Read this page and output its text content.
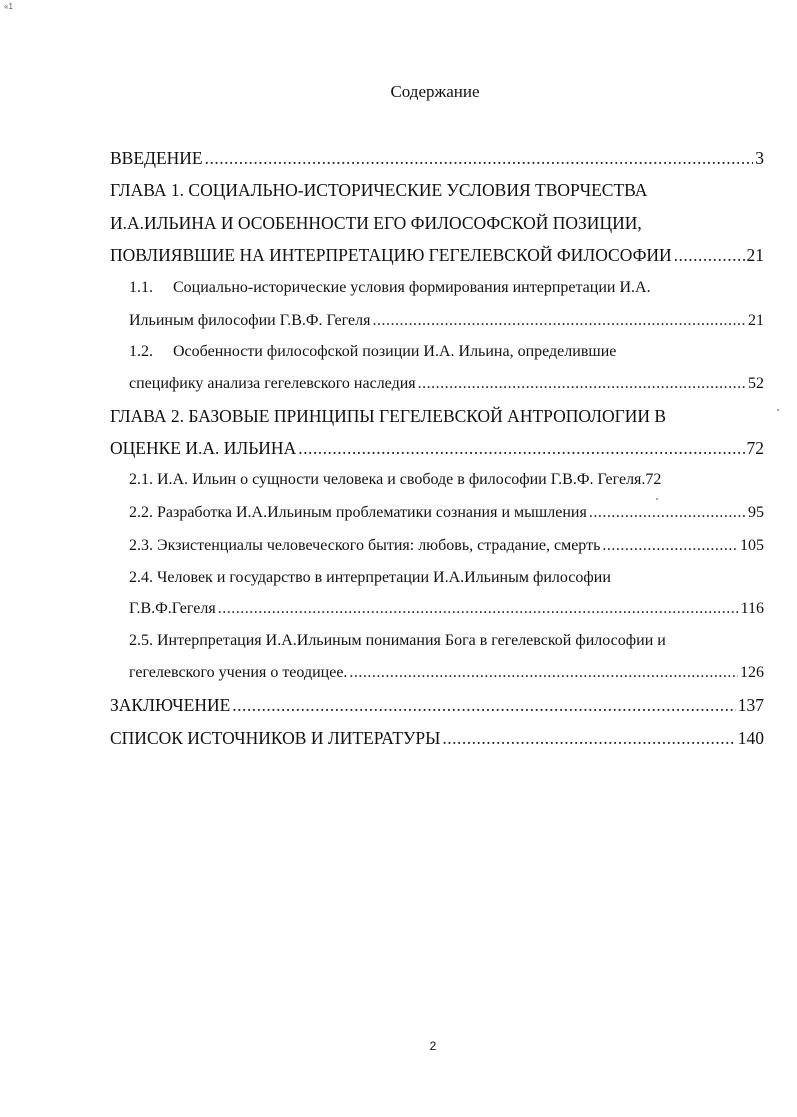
«1
Содержание
ВВЕДЕНИЕ .....	3
ГЛАВА 1. СОЦИАЛЬНО-ИСТОРИЧЕСКИЕ УСЛОВИЯ ТВОРЧЕСТВА
И.А.ИЛЬИНА И ОСОБЕННОСТИ ЕГО ФИЛОСОФСКОЙ ПОЗИЦИИ,
ПОВЛИЯВШИЕ НА ИНТЕРПРЕТАЦИЮ ГЕГЕЛЕВСКОЙ ФИЛОСОФИИ .....	21
1.1.	Социально-исторические условия формирования интерпретации И.А.
Ильиным философии Г.В.Ф. Гегеля .....	21
1.2.	Особенности философской позиции И.А. Ильина, определившие
специфику анализа гегелевского наследия .....	52
ГЛАВА 2. БАЗОВЫЕ ПРИНЦИПЫ ГЕГЕЛЕВСКОЙ АНТРОПОЛОГИИ В
ОЦЕНКЕ И.А. ИЛЬИНА .....	72
2.1. И.А. Ильин о сущности человека и свободе в философии Г.В.Ф. Гегеля. 72
2.2. Разработка И.А.Ильиным проблематики сознания и мышления .....	95
2.3. Экзистенциалы человеческого бытия: любовь, страдание, смерть .....	105
2.4. Человек и государство в интерпретации И.А.Ильиным философии
Г.В.Ф.Гегеля .....	116
2.5. Интерпретация И.А.Ильиным понимания Бога в гегелевской философии и
гегелевского учения о теодицее. .....	126
ЗАКЛЮЧЕНИЕ .....	137
СПИСОК ИСТОЧНИКОВ И ЛИТЕРАТУРЫ .....	140
2
